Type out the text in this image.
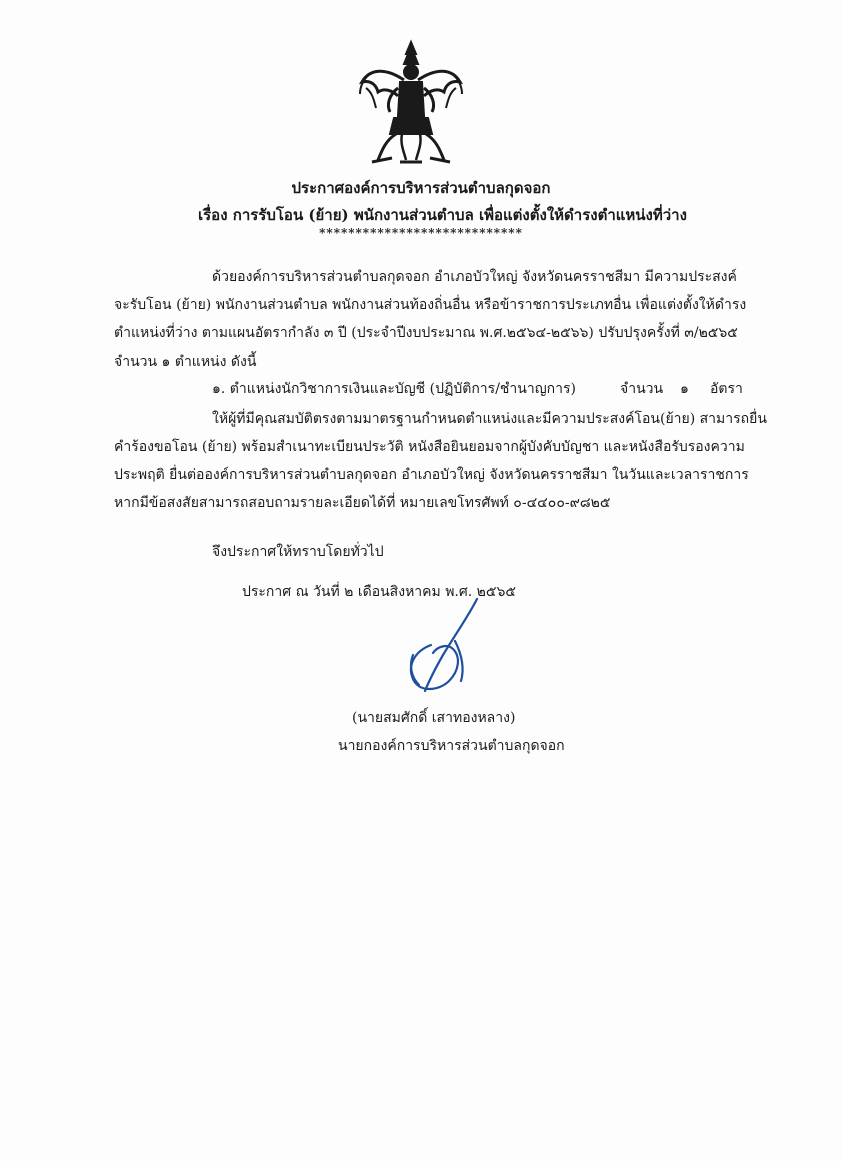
ประกาศองค์การบริหารส่วนตำบลกุดจอก
เรื่อง การรับโอน (ย้าย) พนักงานส่วนตำบล เพื่อแต่งตั้งให้ดำรงตำแหน่งที่ว่าง
****************************
ด้วยองค์การบริหารส่วนตำบลกุดจอก อำเภอบัวใหญ่ จังหวัดนครราชสีมา มีความประสงค์
จะรับโอน (ย้าย) พนักงานส่วนตำบล พนักงานส่วนท้องถิ่นอื่น หรือข้าราชการประเภทอื่น เพื่อแต่งตั้งให้ดำรง
ตำแหน่งที่ว่าง ตามแผนอัตรากำลัง ๓ ปี (ประจำปีงบประมาณ พ.ศ.๒๕๖๔-๒๕๖๖) ปรับปรุงครั้งที่ ๓/๒๕๖๕
จำนวน ๑ ตำแหน่ง ดังนี้
๑. ตำแหน่งนักวิชาการเงินและบัญชี (ปฏิบัติการ/ชำนาญการ)	จำนวน ๑ อัตรา
ให้ผู้ที่มีคุณสมบัติตรงตามมาตรฐานกำหนดตำแหน่งและมีความประสงค์โอน(ย้าย) สามารถยื่น
คำร้องขอโอน (ย้าย) พร้อมสำเนาทะเบียนประวัติ หนังสือยินยอมจากผู้บังคับบัญชา และหนังสือรับรองความ
ประพฤติ ยื่นต่อองค์การบริหารส่วนตำบลกุดจอก อำเภอบัวใหญ่ จังหวัดนครราชสีมา ในวันและเวลาราชการ
หากมีข้อสงสัยสามารถสอบถามรายละเอียดได้ที่ หมายเลขโทรศัพท์ ๐-๔๔๐๐-๙๘๒๕
จึงประกาศให้ทราบโดยทั่วไป
ประกาศ ณ วันที่ ๒ เดือนสิงหาคม พ.ศ. ๒๕๖๕
(นายสมศักดิ์ เสาทองหลาง)
นายกองค์การบริหารส่วนตำบลกุดจอก
